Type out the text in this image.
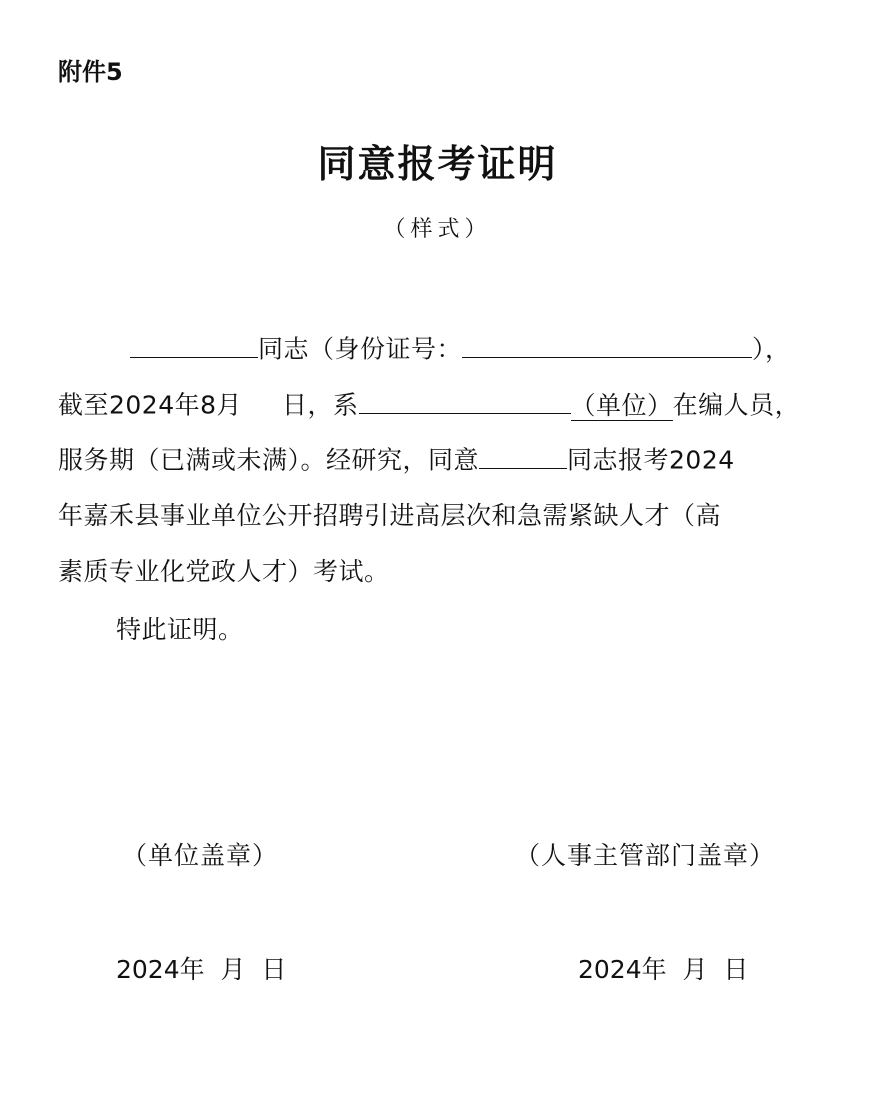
附件5
同意报考证明
（样式）
同志（身份证号：	），
截至2024年8月 日，系	（单位）在编人员，
服务期（已满或未满）。经研究，同意	同志报考2024
年嘉禾县事业单位公开招聘引进高层次和急需紧缺人才（高
素质专业化党政人才）考试。
特此证明。
（单位盖章）	（人事主管部门盖章）
2024年  月  日	2024年  月  日
